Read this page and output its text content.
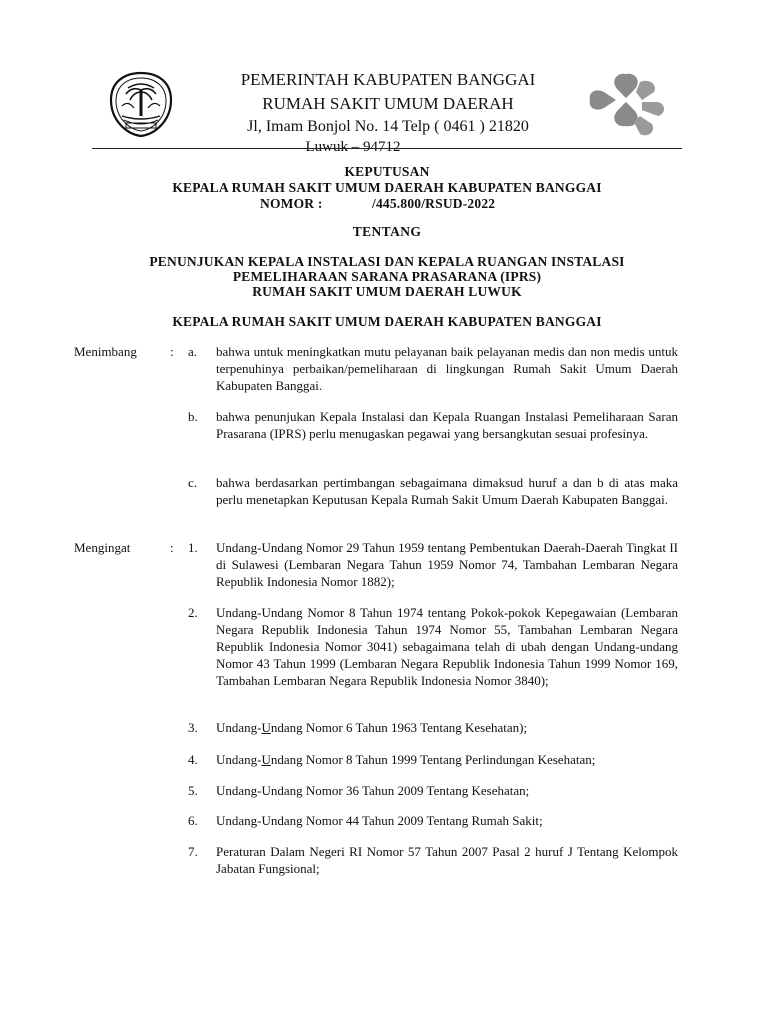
PEMERINTAH KABUPATEN BANGGAI
RUMAH SAKIT UMUM DAERAH
Jl, Imam Bonjol No. 14 Telp ( 0461 ) 21820
Luwuk – 94712
KEPUTUSAN
KEPALA RUMAH SAKIT UMUM DAERAH KABUPATEN BANGGAI
NOMOR :	/445.800/RSUD-2022
TENTANG
PENUNJUKAN KEPALA INSTALASI DAN KEPALA RUANGAN INSTALASI
PEMELIHARAAN SARANA PRASARANA (IPRS)
RUMAH SAKIT UMUM DAERAH LUWUK
KEPALA RUMAH SAKIT UMUM DAERAH KABUPATEN BANGGAI
Menimbang	: a. bahwa untuk meningkatkan mutu pelayanan baik pelayanan medis dan non medis untuk terpenuhinya perbaikan/pemeliharaan di lingkungan Rumah Sakit Umum Daerah Kabupaten Banggai.
b. bahwa penunjukan Kepala Instalasi dan Kepala Ruangan Instalasi Pemeliharaan Saran Prasarana (IPRS) perlu menugaskan pegawai yang bersangkutan sesuai profesinya.
c. bahwa berdasarkan pertimbangan sebagaimana dimaksud huruf a dan b di atas maka perlu menetapkan Keputusan Kepala Rumah Sakit Umum Daerah Kabupaten Banggai.
Mengingat	: 1. Undang-Undang Nomor 29 Tahun 1959 tentang Pembentukan Daerah-Daerah Tingkat II di Sulawesi (Lembaran Negara Tahun 1959 Nomor 74, Tambahan Lembaran Negara Republik Indonesia Nomor 1882);
2. Undang-Undang Nomor 8 Tahun 1974 tentang Pokok-pokok Kepegawaian (Lembaran Negara Republik Indonesia Tahun 1974 Nomor 55, Tambahan Lembaran Negara Republik Indonesia Nomor 3041) sebagaimana telah di ubah dengan Undang-undang Nomor 43 Tahun 1999 (Lembaran Negara Republik Indonesia Tahun 1999 Nomor 169, Tambahan Lembaran Negara Republik Indonesia Nomor 3840);
3. Undang-Undang Nomor 6 Tahun 1963 Tentang Kesehatan);
4. Undang-Undang Nomor 8 Tahun 1999 Tentang Perlindungan Kesehatan;
5. Undang-Undang Nomor 36 Tahun 2009 Tentang Kesehatan;
6. Undang-Undang Nomor 44 Tahun 2009 Tentang Rumah Sakit;
7. Peraturan Dalam Negeri RI Nomor 57 Tahun 2007 Pasal 2 huruf J Tentang Kelompok Jabatan Fungsional;
